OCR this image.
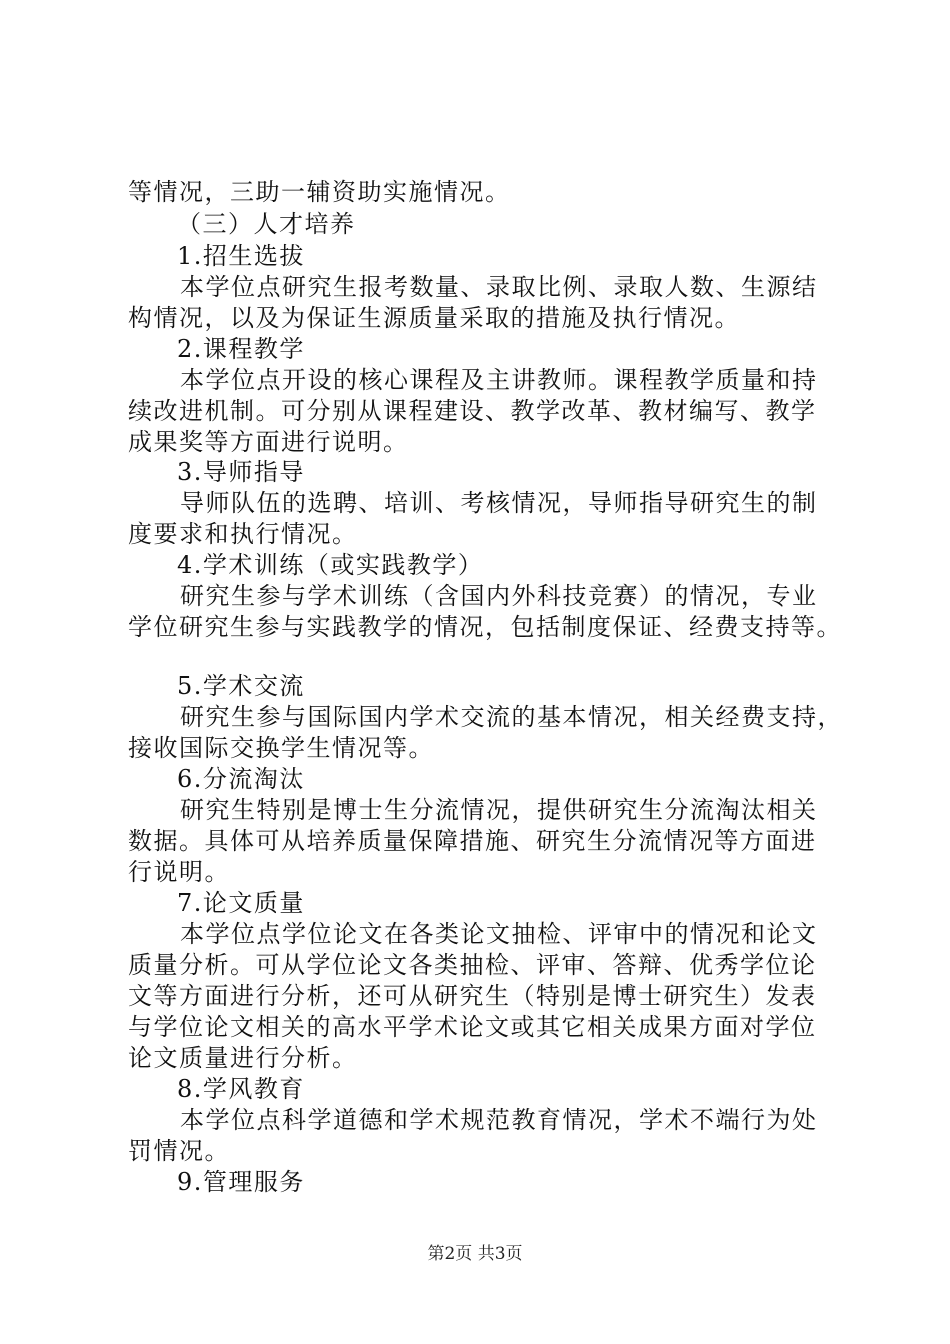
等情况，三助一辅资助实施情况。
（三）人才培养
1.招生选拔
本学位点研究生报考数量、录取比例、录取人数、生源结
构情况，以及为保证生源质量采取的措施及执行情况。
2.课程教学
本学位点开设的核心课程及主讲教师。课程教学质量和持
续改进机制。可分别从课程建设、教学改革、教材编写、教学
成果奖等方面进行说明。
3.导师指导
导师队伍的选聘、培训、考核情况，导师指导研究生的制
度要求和执行情况。
4.学术训练（或实践教学）
研究生参与学术训练（含国内外科技竞赛）的情况，专业
学位研究生参与实践教学的情况，包括制度保证、经费支持等。
5.学术交流
研究生参与国际国内学术交流的基本情况，相关经费支持，
接收国际交换学生情况等。
6.分流淘汰
研究生特别是博士生分流情况，提供研究生分流淘汰相关
数据。具体可从培养质量保障措施、研究生分流情况等方面进
行说明。
7.论文质量
本学位点学位论文在各类论文抽检、评审中的情况和论文
质量分析。可从学位论文各类抽检、评审、答辩、优秀学位论
文等方面进行分析，还可从研究生（特别是博士研究生）发表
与学位论文相关的高水平学术论文或其它相关成果方面对学位
论文质量进行分析。
8.学风教育
本学位点科学道德和学术规范教育情况，学术不端行为处
罚情况。
9.管理服务
第2页 共3页
